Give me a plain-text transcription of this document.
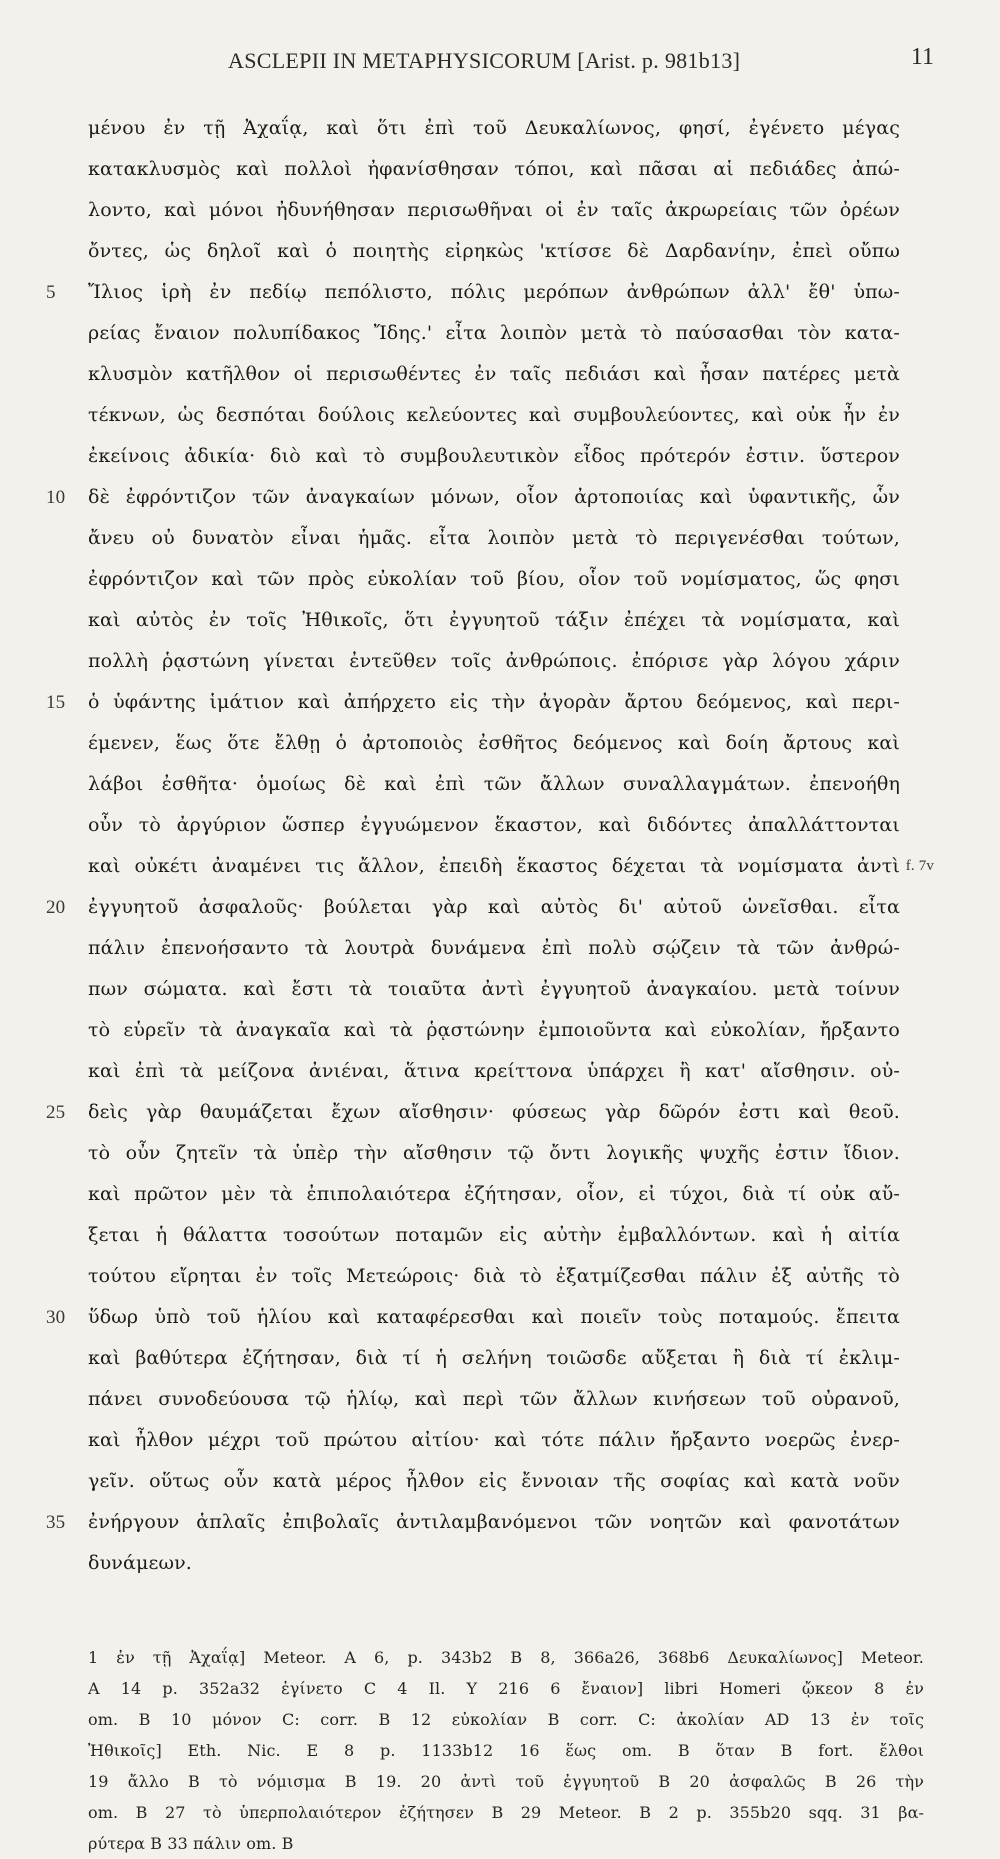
ASCLEPII IN METAPHYSICORUM [Arist. p. 981b13]	11
μένου ἐν τῇ Ἀχαΐᾳ, καὶ ὅτι ἐπὶ τοῦ Δευκαλίωνος, φησί, ἐγένετο μέγας
κατακλυσμὸς καὶ πολλοὶ ἠφανίσθησαν τόποι, καὶ πᾶσαι αἱ πεδιάδες ἀπώ-
λοντο, καὶ μόνοι ἠδυνήθησαν περισωθῆναι οἱ ἐν ταῖς ἀκρωρείαις τῶν ὀρέων
ὄντες, ὡς δηλοῖ καὶ ὁ ποιητὴς εἰρηκὼς 'κτίσσε δὲ Δαρδανίην, ἐπεὶ οὔπω
5	Ἴλιος ἱρὴ ἐν πεδίῳ πεπόλιστο, πόλις μερόπων ἀνθρώπων ἀλλ' ἔθ' ὑπω-
ρείας ἔναιον πολυπίδακος Ἴδης.' εἶτα λοιπὸν μετὰ τὸ παύσασθαι τὸν κατα-
κλυσμὸν κατῆλθον οἱ περισωθέντες ἐν ταῖς πεδιάσι καὶ ἦσαν πατέρες μετὰ
τέκνων, ὡς δεσπόται δούλοις κελεύοντες καὶ συμβουλεύοντες, καὶ οὐκ ἦν ἐν
ἐκείνοις ἀδικία· διὸ καὶ τὸ συμβουλευτικὸν εἶδος πρότερόν ἐστιν. ὕστερον
10	δὲ ἐφρόντιζον τῶν ἀναγκαίων μόνων, οἷον ἀρτοποιίας καὶ ὑφαντικῆς, ὧν
ἄνευ οὐ δυνατὸν εἶναι ἡμᾶς. εἶτα λοιπὸν μετὰ τὸ περιγενέσθαι τούτων,
ἐφρόντιζον καὶ τῶν πρὸς εὐκολίαν τοῦ βίου, οἷον τοῦ νομίσματος, ὥς φησι
καὶ αὐτὸς ἐν τοῖς Ἠθικοῖς, ὅτι ἐγγυητοῦ τάξιν ἐπέχει τὰ νομίσματα, καὶ
πολλὴ ῥᾳστώνη γίνεται ἐντεῦθεν τοῖς ἀνθρώποις. ἐπόρισε γὰρ λόγου χάριν
15	ὁ ὑφάντης ἱμάτιον καὶ ἀπήρχετο εἰς τὴν ἀγορὰν ἄρτου δεόμενος, καὶ περι-
έμενεν, ἕως ὅτε ἔλθῃ ὁ ἀρτοποιὸς ἐσθῆτος δεόμενος καὶ δοίη ἄρτους καὶ
λάβοι ἐσθῆτα· ὁμοίως δὲ καὶ ἐπὶ τῶν ἄλλων συναλλαγμάτων. ἐπενοήθη
οὖν τὸ ἀργύριον ὥσπερ ἐγγυώμενον ἕκαστον, καὶ διδόντες ἀπαλλάττονται
καὶ οὐκέτι ἀναμένει τις ἄλλον, ἐπειδὴ ἕκαστος δέχεται τὰ νομίσματα ἀντὶ f. 7v
20	ἐγγυητοῦ ἀσφαλοῦς· βούλεται γὰρ καὶ αὐτὸς δι' αὐτοῦ ὠνεῖσθαι. εἶτα
πάλιν ἐπενοήσαντο τὰ λουτρὰ δυνάμενα ἐπὶ πολὺ σῴζειν τὰ τῶν ἀνθρώ-
πων σώματα. καὶ ἔστι τὰ τοιαῦτα ἀντὶ ἐγγυητοῦ ἀναγκαίου. μετὰ τοίνυν
τὸ εὑρεῖν τὰ ἀναγκαῖα καὶ τὰ ῥᾳστώνην ἐμποιοῦντα καὶ εὐκολίαν, ἤρξαντο
καὶ ἐπὶ τὰ μείζονα ἀνιέναι, ἅτινα κρείττονα ὑπάρχει ἢ κατ' αἴσθησιν. οὐ-
25	δεὶς γὰρ θαυμάζεται ἔχων αἴσθησιν· φύσεως γὰρ δῶρόν ἐστι καὶ θεοῦ.
τὸ οὖν ζητεῖν τὰ ὑπὲρ τὴν αἴσθησιν τῷ ὄντι λογικῆς ψυχῆς ἐστιν ἴδιον.
καὶ πρῶτον μὲν τὰ ἐπιπολαιότερα ἐζήτησαν, οἷον, εἰ τύχοι, διὰ τί οὐκ αὔ-
ξεται ἡ θάλαττα τοσούτων ποταμῶν εἰς αὐτὴν ἐμβαλλόντων. καὶ ἡ αἰτία
τούτου εἴρηται ἐν τοῖς Μετεώροις· διὰ τὸ ἐξατμίζεσθαι πάλιν ἐξ αὐτῆς τὸ
30	ὕδωρ ὑπὸ τοῦ ἡλίου καὶ καταφέρεσθαι καὶ ποιεῖν τοὺς ποταμούς. ἔπειτα
καὶ βαθύτερα ἐζήτησαν, διὰ τί ἡ σελήνη τοιῶσδε αὔξεται ἢ διὰ τί ἐκλιμ-
πάνει συνοδεύουσα τῷ ἡλίῳ, καὶ περὶ τῶν ἄλλων κινήσεων τοῦ οὐρανοῦ,
καὶ ἦλθον μέχρι τοῦ πρώτου αἰτίου· καὶ τότε πάλιν ἤρξαντο νοερῶς ἐνερ-
γεῖν. οὕτως οὖν κατὰ μέρος ἦλθον εἰς ἔννοιαν τῆς σοφίας καὶ κατὰ νοῦν
35	ἐνήργουν ἁπλαῖς ἐπιβολαῖς ἀντιλαμβανόμενοι τῶν νοητῶν καὶ φανοτάτων
δυνάμεων.
1 ἐν τῇ Ἀχαΐᾳ] Meteor. A 6, p. 343b2 B 8, 366a26, 368b6 Δευκαλίωνος] Meteor.
A 14 p. 352a32 ἐγίνετο C 4 Il. Y 216 6 ἔναιον] libri Homeri ᾤκεον 8 ἐν
om. B 10 μόνον C: corr. B 12 εὐκολίαν B corr. C: ἀκολίαν AD 13 ἐν τοῖς
Ἠθικοῖς] Eth. Nic. E 8 p. 1133b12 16 ἕως om. B ὅταν B fort. ἔλθοι
19 ἄλλο B τὸ νόμισμα B 19. 20 ἀντὶ τοῦ ἐγγυητοῦ B 20 ἀσφαλῶς B 26 τὴν
om. B 27 τὸ ὑπερπολαιότερον ἐζήτησεν B 29 Meteor. B 2 p. 355b20 sqq. 31 βα-
ρύτερα B 33 πάλιν om. B
